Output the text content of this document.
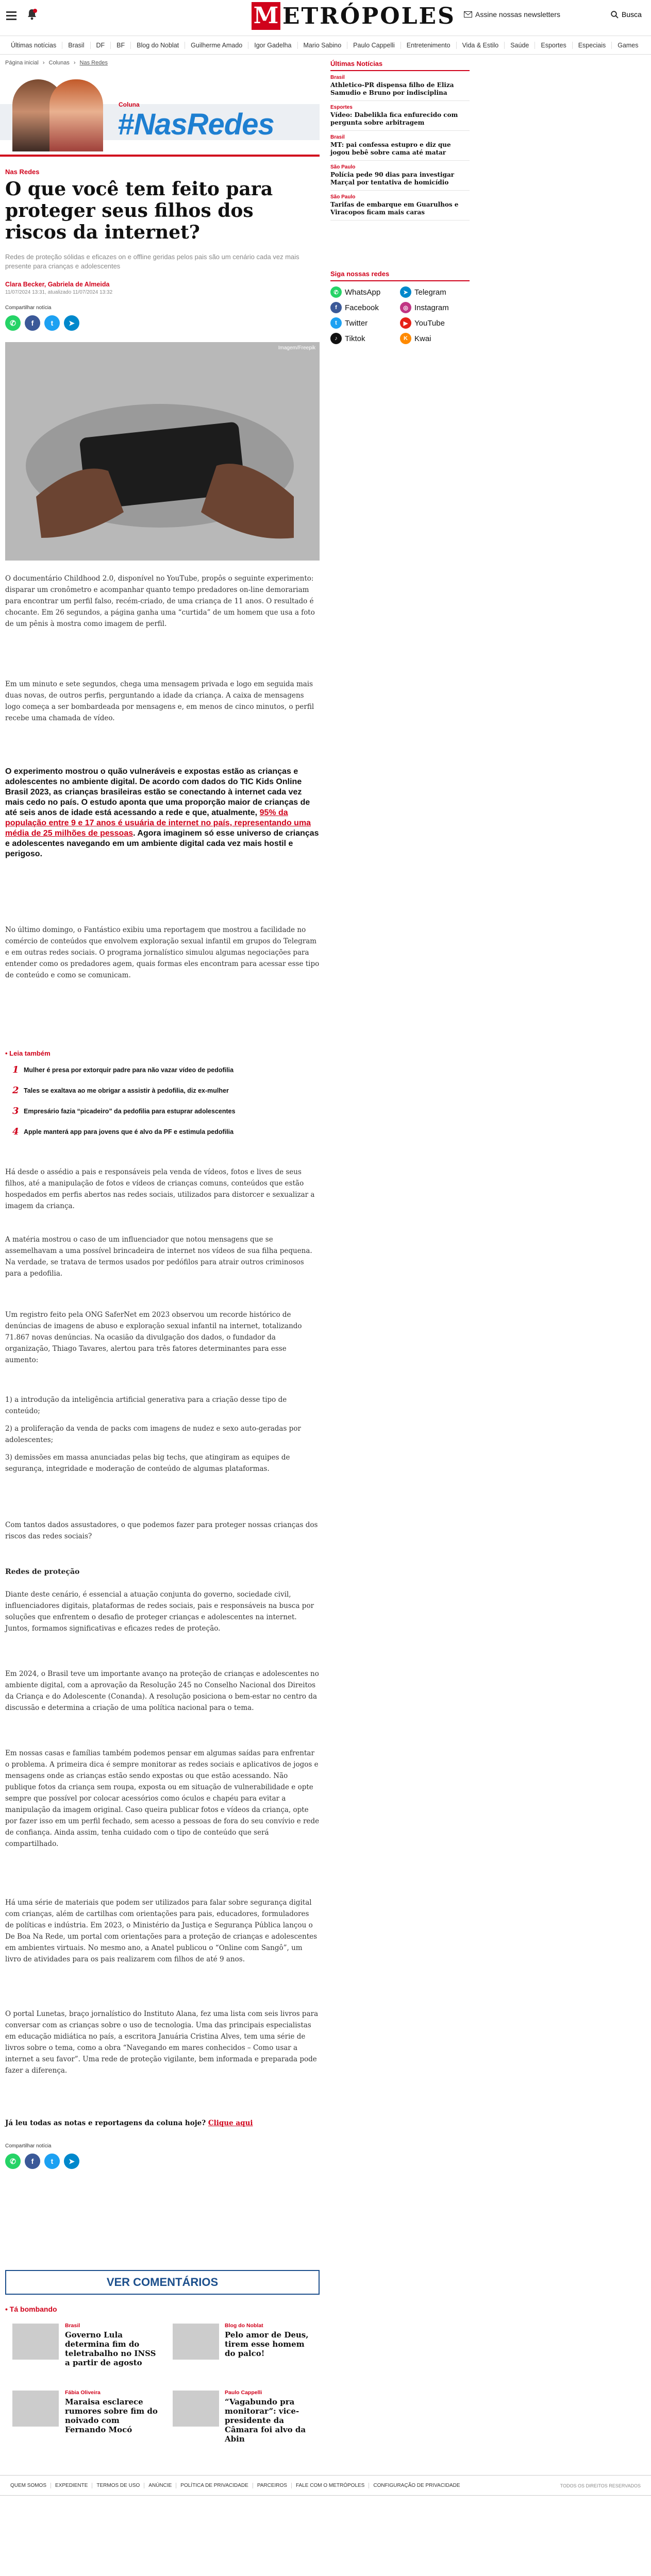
M ETRÓPOLES	Assine nossas newsletters	Busca
Últimas notícias	Brasil	DF	BF	Blog do Noblat	Guilherme Amado	Igor Gadelha	Mario Sabino	Paulo Cappelli	Entretenimento	Vida & Estilo	Saúde	Esportes	Especiais	Games
Página inicial › Colunas › Nas Redes
Coluna
#NasRedes
Nas Redes
O que você tem feito para proteger seus filhos dos riscos da internet?
Redes de proteção sólidas e eficazes on e offline geridas pelos pais são um cenário cada vez mais presente para crianças e adolescentes
Clara Becker, Gabriela de Almeida
11/07/2024 13:31, atualizado 11/07/2024 13:32
Compartilhar notícia
✆	f	t	➤
Imagem/Freepik

O documentário Childhood 2.0, disponível no YouTube, propôs o seguinte experimento: disparar um cronômetro e acompanhar quanto tempo predadores on-line demorariam para encontrar um perfil falso, recém-criado, de uma criança de 11 anos. O resultado é chocante. Em 26 segundos, a página ganha uma “curtida” de um homem que usa a foto de um pênis à mostra como imagem de perfil.

Em um minuto e sete segundos, chega uma mensagem privada e logo em seguida mais duas novas, de outros perfis, perguntando a idade da criança. A caixa de mensagens logo começa a ser bombardeada por mensagens e, em menos de cinco minutos, o perfil recebe uma chamada de vídeo.

O experimento mostrou o quão vulneráveis e expostas estão as crianças e adolescentes no ambiente digital. De acordo com dados do TIC Kids Online Brasil 2023, as crianças brasileiras estão se conectando à internet cada vez mais cedo no país. O estudo aponta que uma proporção maior de crianças de até seis anos de idade está acessando a rede e que, atualmente, 95% da população entre 9 e 17 anos é usuária de internet no país, representando uma média de 25 milhões de pessoas. Agora imaginem só esse universo de crianças e adolescentes navegando em um ambiente digital cada vez mais hostil e perigoso.

No último domingo, o Fantástico exibiu uma reportagem que mostrou a facilidade no comércio de conteúdos que envolvem exploração sexual infantil em grupos do Telegram e em outras redes sociais. O programa jornalístico simulou algumas negociações para entender como os predadores agem, quais formas eles encontram para acessar esse tipo de conteúdo e como se comunicam.

• Leia também
1 Mulher é presa por extorquir padre para não vazar vídeo de pedofilia
2 Tales se exaltava ao me obrigar a assistir à pedofilia, diz ex-mulher
3 Empresário fazia “picadeiro” da pedofilia para estuprar adolescentes
4 Apple manterá app para jovens que é alvo da PF e estimula pedofilia

Há desde o assédio a pais e responsáveis pela venda de vídeos, fotos e lives de seus filhos, até a manipulação de fotos e vídeos de crianças comuns, conteúdos que estão hospedados em perfis abertos nas redes sociais, utilizados para distorcer e sexualizar a imagem da criança.

A matéria mostrou o caso de um influenciador que notou mensagens que se assemelhavam a uma possível brincadeira de internet nos vídeos de sua filha pequena. Na verdade, se tratava de termos usados por pedófilos para atrair outros criminosos para a pedofilia.

Um registro feito pela ONG SaferNet em 2023 observou um recorde histórico de denúncias de imagens de abuso e exploração sexual infantil na internet, totalizando 71.867 novas denúncias. Na ocasião da divulgação dos dados, o fundador da organização, Thiago Tavares, alertou para três fatores determinantes para esse aumento:

1) a introdução da inteligência artificial generativa para a criação desse tipo de conteúdo;

2) a proliferação da venda de packs com imagens de nudez e sexo auto-geradas por adolescentes;

3) demissões em massa anunciadas pelas big techs, que atingiram as equipes de segurança, integridade e moderação de conteúdo de algumas plataformas.

Com tantos dados assustadores, o que podemos fazer para proteger nossas crianças dos riscos das redes sociais?

Redes de proteção

Diante deste cenário, é essencial a atuação conjunta do governo, sociedade civil, influenciadores digitais, plataformas de redes sociais, pais e responsáveis na busca por soluções que enfrentem o desafio de proteger crianças e adolescentes na internet. Juntos, formamos significativas e eficazes redes de proteção.

Em 2024, o Brasil teve um importante avanço na proteção de crianças e adolescentes no ambiente digital, com a aprovação da Resolução 245 no Conselho Nacional dos Direitos da Criança e do Adolescente (Conanda). A resolução posiciona o bem-estar no centro da discussão e determina a criação de uma política nacional para o tema.

Em nossas casas e famílias também podemos pensar em algumas saídas para enfrentar o problema. A primeira dica é sempre monitorar as redes sociais e aplicativos de jogos e mensagens onde as crianças estão sendo expostas ou que estão acessando. Não publique fotos da criança sem roupa, exposta ou em situação de vulnerabilidade e opte sempre que possível por colocar acessórios como óculos e chapéu para evitar a manipulação da imagem original. Caso queira publicar fotos e vídeos da criança, opte por fazer isso em um perfil fechado, sem acesso a pessoas de fora do seu convívio e rede de confiança. Ainda assim, tenha cuidado com o tipo de conteúdo que será compartilhado.

Há uma série de materiais que podem ser utilizados para falar sobre segurança digital com crianças, além de cartilhas com orientações para pais, educadores, formuladores de políticas e indústria. Em 2023, o Ministério da Justiça e Segurança Pública lançou o De Boa Na Rede, um portal com orientações para a proteção de crianças e adolescentes em ambientes virtuais. No mesmo ano, a Anatel publicou o “Online com Sangô”, um livro de atividades para os pais realizarem com filhos de até 9 anos.

O portal Lunetas, braço jornalístico do Instituto Alana, fez uma lista com seis livros para conversar com as crianças sobre o uso de tecnologia. Uma das principais especialistas em educação midiática no país, a escritora Januária Cristina Alves, tem uma série de livros sobre o tema, como a obra “Navegando em mares conhecidos – Como usar a internet a seu favor”. Uma rede de proteção vigilante, bem informada e preparada pode fazer a diferença.

Já leu todas as notas e reportagens da coluna hoje? Clique aqui

Compartilhar notícia
✆	f	t	➤
VER COMENTÁRIOS
• Tá bombando
Brasil
Governo Lula determina fim do teletrabalho no INSS a partir de agosto
Blog do Noblat
Pelo amor de Deus, tirem esse homem do palco!
Fábia Oliveira
Maraisa esclarece rumores sobre fim do noivado com Fernando Mocó
Paulo Cappelli
“Vagabundo pra monitorar”: vice-presidente da Câmara foi alvo da Abin
Últimas Notícias
Brasil
Athletico-PR dispensa filho de Eliza Samudio e Bruno por indisciplina
Esportes
Vídeo: Dabelikla fica enfurecido com pergunta sobre arbitragem
Brasil
MT: pai confessa estupro e diz que jogou bebê sobre cama até matar
São Paulo
Polícia pede 90 dias para investigar Marçal por tentativa de homicídio
São Paulo
Tarifas de embarque em Guarulhos e Viracopos ficam mais caras
Siga nossas redes
✆ WhatsApp	➤ Telegram
f	Facebook	◎ Instagram
t	Twitter	▶ YouTube
♪ Tiktok	K Kwai
QUEM SOMOS	EXPEDIENTE	TERMOS DE USO	ANÚNCIE	POLÍTICA DE PRIVACIDADE	PARCEIROS	FALE COM O METRÓPOLES	CONFIGURAÇÃO DE PRIVACIDADE	TODOS OS DIREITOS RESERVADOS
